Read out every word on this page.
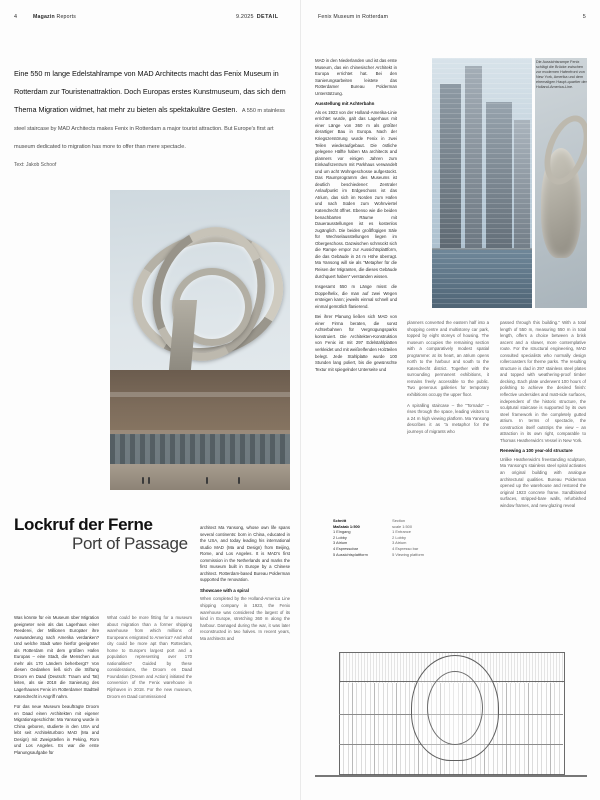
4	Magazin Reports	9.2025 DETAIL	Fenix Museum in Rotterdam	5
Eine 550 m lange Edelstahlrampe von MAD Architects macht das Fenix Museum in Rotterdam zur Touristenattraktion. Doch Europas erstes Kunstmuseum, das sich dem Thema Migration widmet, hat mehr zu bieten als spektakuläre Gesten. A 550 m stainless steel staircase by MAD Architects makes Fenix in Rotterdam a major tourist attraction. But Europe's first art museum dedicated to migration has more to offer than mere spectacle.
Text: Jakob Schoof
Lockruf der Ferne
Port of Passage

Was könnte für ein Museum über Migration geeigneter sein als das Lagerhaus einer Reederei, der Millionen Europäer ihre Auswanderung nach Amerika verdanken? Und welche Stadt wäre hierfür geeigneter als Rotterdam mit dem größten Hafen Europas – eine Stadt, die Menschen aus mehr als 170 Ländern beherbergt? Von diesen Gedanken ließ sich die Stiftung Droom en Daad (Deutsch: Traum und Tat) leiten, als sie 2018 die Sanierung des Lagerhauses Fenix im Rotterdamer Stadtteil Katendrecht in Angriff nahm.

Für das neue Museum beauftragte Droom en Daad einen Architekten mit eigener Migrationsgeschichte: Ma Yansong wurde in China geboren, studierte in den USA und lebt seit Architekturbüro MAD (Ma and Design) mit Zweigstellen in Peking, Rom und Los Angeles. Es war die erste Planungsaufgabe für

What could be more fitting for a museum about migration than a former shipping warehouse from which millions of Europeans emigrated to America? And what city could be more apt than Rotterdam, home to Europe's largest port and a population representing over 170 nationalities? Guided by these considerations, the Droom en Daad Foundation (Dream and Action) initiated the conversion of the Fenix warehouse in Rijnhaven in 2018. For the new museum, Droom en Daad commissioned

architect Ma Yansong, whose own life spans several continents: born in China, educated in the USA, and today leading his international studio MAD (Ma and Design) from Beijing, Rome, and Los Angeles. It is MAD's first commission in the Netherlands and marks the first museum built in Europe by a Chinese architect. Rotterdam-based Bureau Polderman supported the renovation.

Showcase with a spiral

When completed by the Holland-America Line shipping company in 1923, the Fenix warehouse was considered the largest of its kind in Europe, stretching 360 m along the harbour. Damaged during the war, it was later reconstructed in two halves. In recent years, Ma architects and

MAD in den Niederlanden und ist das erste Museum, das ein chinesischer Architekt in Europa errichtet hat. Bei den Sanierungsarbeiten leistete das Rotterdamer Bureau Polderman Unterstützung.

Ausstellung mit Achterbahn

Als es 1923 von der Holland-Amerika-Linie errichtet wurde, galt das Lagerhaus mit einer Länge von 360 m als größter derartiger Bau in Europa. Nach der Kriegszerstörung wurde Fenix in zwei Teilen wiederaufgebaut. Die östliche gelegene Hälfte haben Ma architects and planners vor einigen Jahren zum Einkaufszentrum mit Parkhaus verwandelt und um acht Wohngeschosse aufgestockt. Das Raumprogramm des Museums ist deutlich beschiedener: Zentraler Anlaufpunkt im Erdgeschoss ist das Atrium, das sich im Norden zum Hafen und nach Süden zum Wohnviertel Katendrecht öffnet. Ebenso wie die beiden benachbarten Räume mit Dauerausstellungen ist es kostenlos zugänglich. Die beiden großflügigen Säle für Wechselausstellungen liegen im Obergeschoss. Dazwischen schmückt sich die Rampe empor zur Aussichtsplattform, die das Gebäude in 24 m Höhe überragt. Ma Yansong will sie als "Metapher für die Reisen der Migranten, die dieses Gebäude durchquert haben" verstanden wissen.

Insgesamt 550 m Länge misst die Doppelhelix, die man auf zwei Wegen ersteigen kann; jeweils einmal schnell und einmal gemütlich flanierend.

Bei ihrer Planung ließen sich MAD von einer Firma beraten, die sonst Achterbahnen für Vergnügungsparks konstruiert. Die Architekten-Konstruktion von Fenix ist mit 297 Edelstahlplatten verkleidet und mit weißrelfenden Holzteilen belegt. Jede Stahlplatte wurde 100 Stunden lang poliert, bis die gewünschte Textur mit spiegelnder Unterseite und

planners converted the eastern half into a shopping centre and multistorey car park, topped by eight storeys of housing. The museum occupies the remaining section with a comparatively modest spatial programme: at its heart, an atrium opens north to the harbour and south to the Katendrecht district. Together with the surrounding permanent exhibitions, it remains freely accessible to the public. Two generous galleries for temporary exhibitions occupy the upper floor.

A spiralling staircase – the "Tornado" – rises through the space, leading visitors to a 24 m high viewing platform. Ma Yansong describes it as "a metaphor for the journeys of migrants who

passed through this building." With a total length of 550 m, measuring 550 m in total length, offers a choice between a brisk ascent and a slower, more contemplative route. For the structural engineering, MAD consulted specialists who normally design rollercoasters for theme parks. The resulting structure is clad in 297 stainless steel plates and topped with weathering-proof timber decking. Each plate underwent 100 hours of polishing to achieve the desired finish: reflective undersides and matt-side surfaces, independent of the historic structure, the sculptural staircase is supported by its own steel framework in the completely gutted atrium. In terms of spectacle, the construction itself outstrips the view – an attraction in its own right, comparable to Thomas Heatherwick's Vessel in New York.

Renewing a 100 year-old structure

Unlike Heatherwick's freestanding sculpture, Ma Yansong's stainless steel spiral activates an original building with analogue architectural qualities. Bureau Polderman opened up the warehouse and restored the original 1923 concrete frame. Sandblasted surfaces, stripped-bare walls, refurbished window frames, and new glazing reveal

Die Aussichtsrampe Fenix schlägt die Brücke zwischen zur modernen Hafenfront von New York, Amerika und dem ehemaligen Haupt-quartier der Holland-America-Line.
Schnitt
Maßstab 1:500
1 Eingang
2 Lobby
3 Atrium
4 Espressobar
5 Aussichtsplattform

Section
scale 1:500
1 Entrance
2 Lobby
3 Atrium
4 Espresso bar
5 Viewing platform
